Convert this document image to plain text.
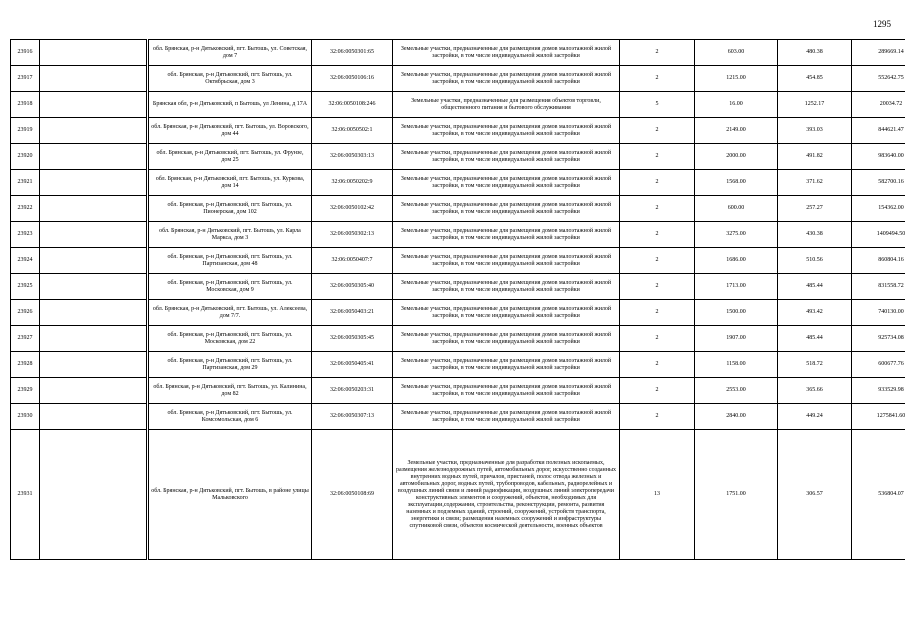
1295
23916			обл. Брянская, р-н Дятьковский, пгт. Бытошь, ул. Советская, дом 7	32:06:0050301:65	Земельные участки, предназначенные для размещения домов малоэтажной жилой застройки, в том числе индивидуальной жилой застройки	2	603.00	480.38	289669.14
23917			обл. Брянская, р-н Дятьковский, пгт. Бытошь, ул. Октябрьская, дом 3	32:06:0050106:16	Земельные участки, предназначенные для размещения домов малоэтажной жилой застройки, в том числе индивидуальной жилой застройки	2	1215.00	454.85	552642.75
23918			Брянская обл, р-н Дятьковский, п Бытошь, ул Ленина, д 17А	32:06:0050108:246	Земельные участки, предназначенные для размещения объектов торговли, общественного питания и бытового обслуживания	5	16.00	1252.17	20034.72
23919			обл. Брянская, р-н Дятьковский, пгт. Бытошь, ул. Воровского, дом 44	32:06:0050502:1	Земельные участки, предназначенные для размещения домов малоэтажной жилой застройки, в том числе индивидуальной жилой застройки	2	2149.00	393.03	844621.47
23920			обл. Брянская, р-н Дятьковский, пгт. Бытошь, ул. Фрунзе, дом 25	32:06:0050303:13	Земельные участки, предназначенные для размещения домов малоэтажной жилой застройки, в том числе индивидуальной жилой застройки	2	2000.00	491.82	983640.00
23921			обл. Брянская, р-н Дятьковский, пгт. Бытошь, ул. Куркова, дом 14	32:06:0050202:9	Земельные участки, предназначенные для размещения домов малоэтажной жилой застройки, в том числе индивидуальной жилой застройки	2	1568.00	371.62	582700.16
23922			обл. Брянская, р-н Дятьковский, пгт. Бытошь, ул. Пионерская, дом 102	32:06:0050102:42	Земельные участки, предназначенные для размещения домов малоэтажной жилой застройки, в том числе индивидуальной жилой застройки	2	600.00	257.27	154362.00
23923			обл. Брянская, р-н Дятьковский, пгт. Бытошь, ул. Карла Маркса, дом 3	32:06:0050302:13	Земельные участки, предназначенные для размещения домов малоэтажной жилой застройки, в том числе индивидуальной жилой застройки	2	3275.00	430.38	1409494.50
23924			обл. Брянская, р-н Дятьковский, пгт. Бытошь, ул. Партизанская, дом 48	32:06:0050407:7	Земельные участки, предназначенные для размещения домов малоэтажной жилой застройки, в том числе индивидуальной жилой застройки	2	1686.00	510.56	860804.16
23925			обл. Брянская, р-н Дятьковский, пгт. Бытошь, ул. Московская, дом 9	32:06:0050305:40	Земельные участки, предназначенные для размещения домов малоэтажной жилой застройки, в том числе индивидуальной жилой застройки	2	1713.00	485.44	831558.72
23926			обл. Брянская, р-н Дятьковский, пгт. Бытошь, ул. Алексеева, дом 7/7.	32:06:0050403:21	Земельные участки, предназначенные для размещения домов малоэтажной жилой застройки, в том числе индивидуальной жилой застройки	2	1500.00	493.42	740130.00
23927			обл. Брянская, р-н Дятьковский, пгт. Бытошь, ул. Московская, дом 22	32:06:0050305:45	Земельные участки, предназначенные для размещения домов малоэтажной жилой застройки, в том числе индивидуальной жилой застройки	2	1907.00	485.44	925734.08
23928			обл. Брянская, р-н Дятьковский, пгт. Бытошь, ул. Партизанская, дом 29	32:06:0050405:41	Земельные участки, предназначенные для размещения домов малоэтажной жилой застройки, в том числе индивидуальной жилой застройки	2	1158.00	518.72	600677.76
23929			обл. Брянская, р-н Дятьковский, пгт. Бытошь, ул. Калинина, дом 82	32:06:0050203:31	Земельные участки, предназначенные для размещения домов малоэтажной жилой застройки, в том числе индивидуальной жилой застройки	2	2553.00	365.66	933529.98
23930			обл. Брянская, р-н Дятьковский, пгт. Бытошь, ул. Комсомольская, дом 6	32:06:0050307:13	Земельные участки, предназначенные для размещения домов малоэтажной жилой застройки, в том числе индивидуальной жилой застройки	2	2840.00	449.24	1275841.60
23931			обл. Брянская, р-н Дятьковский, пгт. Бытошь, в районе улицы Мальковского	32:06:0050108:69	Земельные участки, предназначенные для разработки полезных ископаемых, размещения железнодорожных путей, автомобильных дорог, искусственно созданных внутренних водных путей, причалов, пристаней, полос отвода железных и автомобильных дорог, водных путей, трубопроводов, кабельных, радиорелейных и воздушных линий связи и линий радиофикации, воздушных линий электропередачи конструктивных элементов и сооружений, объектов, необходимых для эксплуатации,содержания, строительства, реконструкции, ремонта, развития наземных и подземных зданий, строений, сооружений, устройств транспорта, энергетики и связи; размещения наземных сооружений и инфраструктуры спутниковой связи, объектов космической деятельности, военных объектов	13	1751.00	306.57	536804.07
